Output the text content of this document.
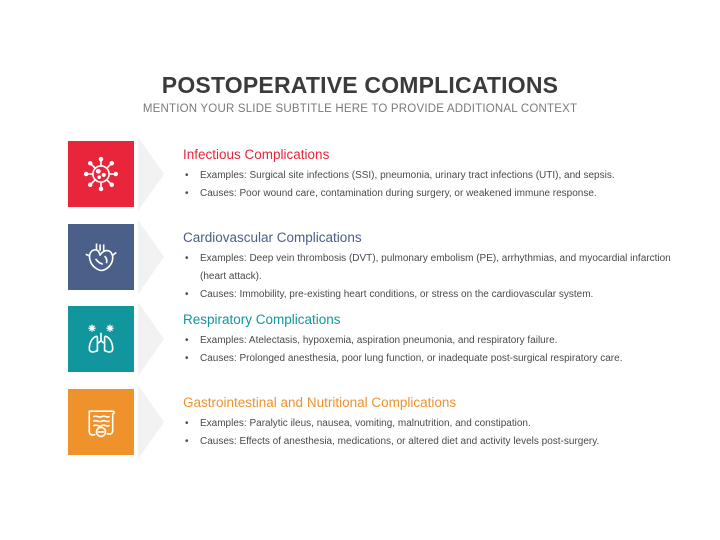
POSTOPERATIVE COMPLICATIONS
MENTION YOUR SLIDE SUBTITLE HERE TO PROVIDE ADDITIONAL CONTEXT
Infectious Complications
• Examples: Surgical site infections (SSI), pneumonia, urinary tract infections (UTI), and sepsis.
• Causes: Poor wound care, contamination during surgery, or weakened immune response.
Cardiovascular Complications
• Examples: Deep vein thrombosis (DVT), pulmonary embolism (PE), arrhythmias, and myocardial infarction (heart attack).
• Causes: Immobility, pre-existing heart conditions, or stress on the cardiovascular system.
Respiratory Complications
• Examples: Atelectasis, hypoxemia, aspiration pneumonia, and respiratory failure.
• Causes: Prolonged anesthesia, poor lung function, or inadequate post-surgical respiratory care.
Gastrointestinal and Nutritional Complications
• Examples: Paralytic ileus, nausea, vomiting, malnutrition, and constipation.
• Causes: Effects of anesthesia, medications, or altered diet and activity levels post-surgery.
